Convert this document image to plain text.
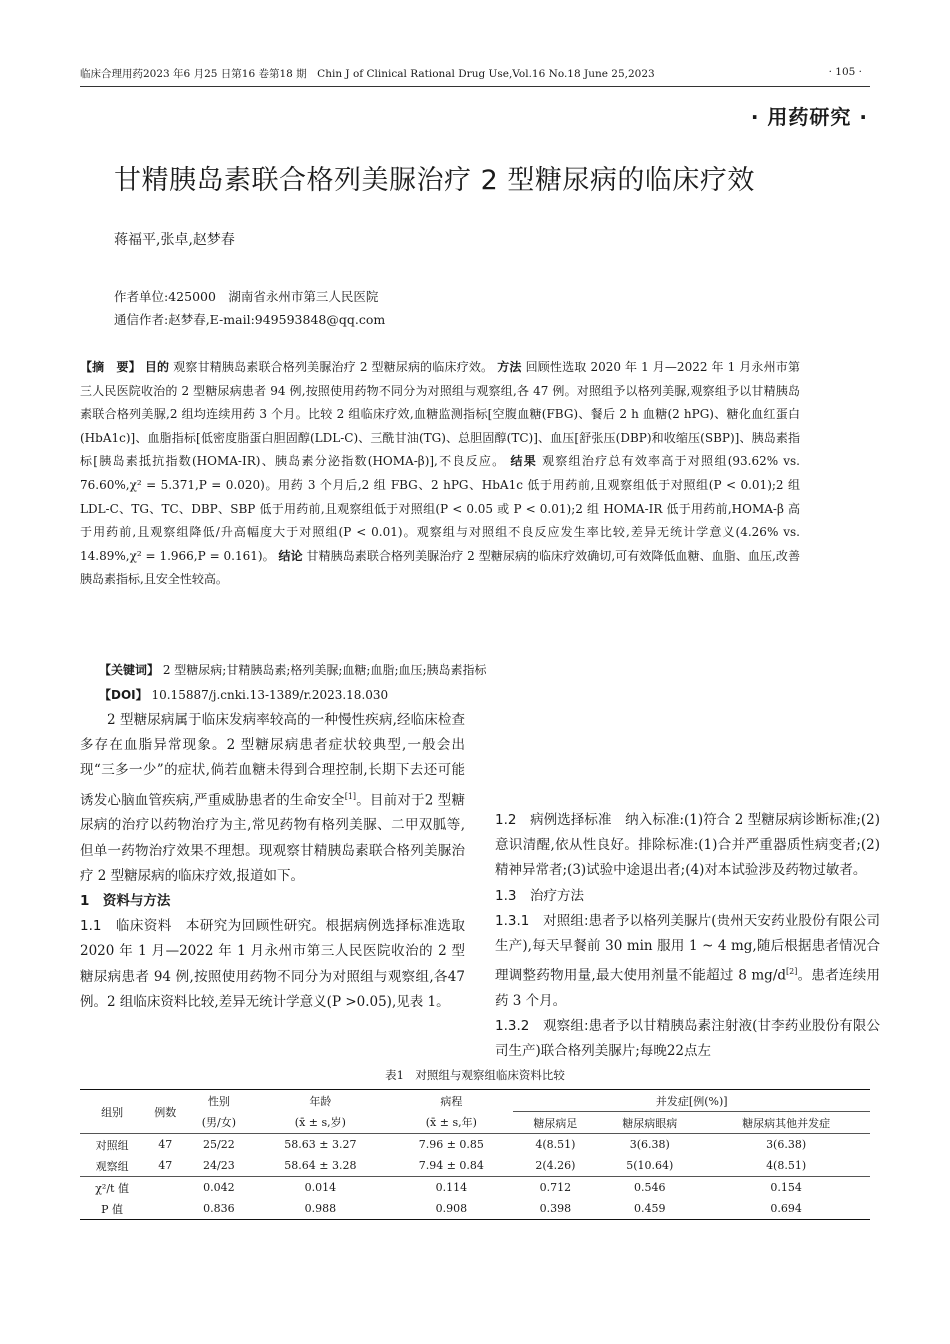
临床合理用药2023 年6 月25 日第16 卷第18 期　Chin J of Clinical Rational Drug Use,Vol.16 No.18 June 25,2023	· 105 ·
· 用药研究 ·
甘精胰岛素联合格列美脲治疗 2 型糖尿病的临床疗效
蒋福平,张卓,赵梦春
作者单位:425000　湖南省永州市第三人民医院
通信作者:赵梦春,E-mail:949593848@qq.com
【摘　要】 目的 观察甘精胰岛素联合格列美脲治疗 2 型糖尿病的临床疗效。 方法 回顾性选取 2020 年 1 月—2022 年 1 月永州市第三人民医院收治的 2 型糖尿病患者 94 例,按照使用药物不同分为对照组与观察组,各 47 例。对照组予以格列美脲,观察组予以甘精胰岛素联合格列美脲,2 组均连续用药 3 个月。比较 2 组临床疗效,血糖监测指标[空腹血糖(FBG)、餐后 2 h 血糖(2 hPG)、糖化血红蛋白(HbA1c)]、血脂指标[低密度脂蛋白胆固醇(LDL-C)、三酰甘油(TG)、总胆固醇(TC)]、血压[舒张压(DBP)和收缩压(SBP)]、胰岛素指标[胰岛素抵抗指数(HOMA-IR)、胰岛素分泌指数(HOMA-β)],不良反应。 结果 观察组治疗总有效率高于对照组(93.62% vs. 76.60%,χ² = 5.371,P = 0.020)。用药 3 个月后,2 组 FBG、2 hPG、HbA1c 低于用药前,且观察组低于对照组(P < 0.01);2 组 LDL-C、TG、TC、DBP、SBP 低于用药前,且观察组低于对照组(P < 0.05 或 P < 0.01);2 组 HOMA-IR 低于用药前,HOMA-β 高于用药前,且观察组降低/升高幅度大于对照组(P < 0.01)。观察组与对照组不良反应发生率比较,差异无统计学意义(4.26% vs. 14.89%,χ² = 1.966,P = 0.161)。 结论 甘精胰岛素联合格列美脲治疗 2 型糖尿病的临床疗效确切,可有效降低血糖、血脂、血压,改善胰岛素指标,且安全性较高。
【关键词】 2 型糖尿病;甘精胰岛素;格列美脲;血糖;血脂;血压;胰岛素指标
【DOI】 10.15887/j.cnki.13-1389/r.2023.18.030

2 型糖尿病属于临床发病率较高的一种慢性疾病,经临床检查多存在血脂异常现象。2 型糖尿病患者症状较典型,一般会出现“三多一少”的症状,倘若血糖未得到合理控制,长期下去还可能诱发心脑血管疾病,严重威胁患者的生命安全[1]。目前对于2 型糖尿病的治疗以药物治疗为主,常见药物有格列美脲、二甲双胍等,但单一药物治疗效果不理想。现观察甘精胰岛素联合格列美脲治疗 2 型糖尿病的临床疗效,报道如下。

1　资料与方法

1.1　临床资料　 本研究为回顾性研究。根据病例选择标准选取 2020 年 1 月—2022 年 1 月永州市第三人民医院收治的 2 型糖尿病患者 94 例,按照使用药物不同分为对照组与观察组,各47 例。2 组临床资料比较,差异无统计学意义(P >0.05),见表 1。

1.2　病例选择标准　 纳入标准:(1)符合 2 型糖尿病诊断标准;(2)意识清醒,依从性良好。排除标准:(1)合并严重器质性病变者;(2)精神异常者;(3)试验中途退出者;(4)对本试验涉及药物过敏者。

1.3　治疗方法

1.3.1　对照组:患者予以格列美脲片(贵州天安药业股份有限公司生产),每天早餐前 30 min 服用 1 ~ 4 mg,随后根据患者情况合理调整药物用量,最大使用剂量不能超过 8 mg/d[2]。患者连续用药 3 个月。

1.3.2　观察组:患者予以甘精胰岛素注射液(甘李药业股份有限公司生产)联合格列美脲片;每晚22点左

表1　对照组与观察组临床资料比较
组别	例数	性别	年龄	病程	并发症[例(%)]		
		(男/女)	(x̄ ± s,岁)	(x̄ ± s,年)	糖尿病足	糖尿病眼病	糖尿病其他并发症
对照组	47	25/22	58.63 ± 3.27	7.96 ± 0.85	4(8.51)	3(6.38)	3(6.38)
观察组	47	24/23	58.64 ± 3.28	7.94 ± 0.84	2(4.26)	5(10.64)	4(8.51)
χ²/t 值		0.042	0.014	0.114	0.712	0.546	0.154
P 值		0.836	0.988	0.908	0.398	0.459	0.694
